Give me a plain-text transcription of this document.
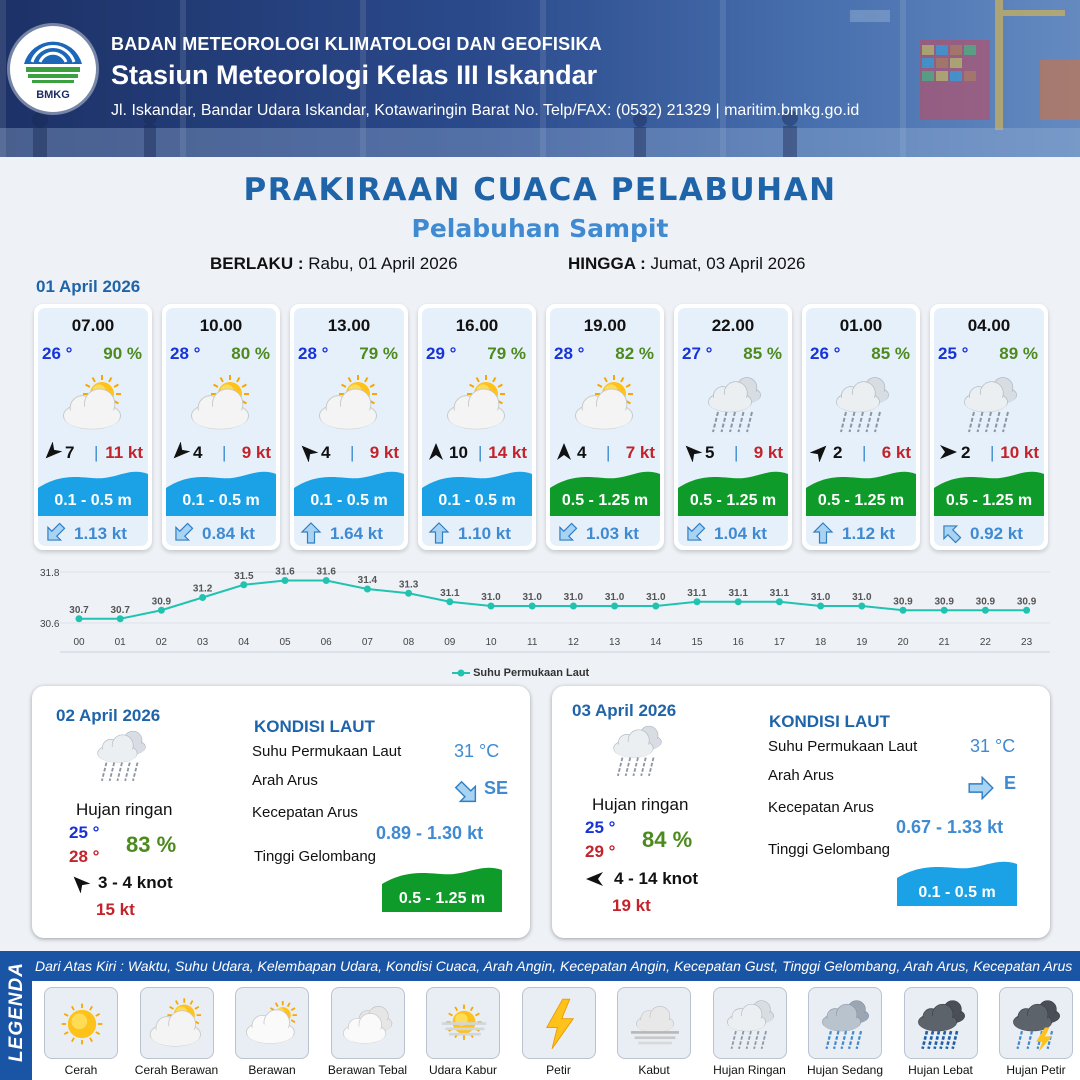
BMKG
BADAN METEOROLOGI KLIMATOLOGI DAN GEOFISIKA
Stasiun Meteorologi Kelas III Iskandar
Jl. Iskandar, Bandar Udara Iskandar, Kotawaringin Barat No. Telp/FAX: (0532) 21329 | maritim.bmkg.go.id
PRAKIRAAN CUACA PELABUHAN
Pelabuhan Sampit
BERLAKU : Rabu, 01 April 2026	HINGGA : Jumat, 03 April 2026
01 April 2026
07.00
26 ° 90 %
7 | 11 kt
0.1 - 0.5 m
1.13 kt
10.00
28 ° 80 %
4 | 9 kt
0.1 - 0.5 m
0.84 kt
13.00
28 ° 79 %
4 | 9 kt
0.1 - 0.5 m
1.64 kt
16.00
29 ° 79 %
10 | 14 kt
0.1 - 0.5 m
1.10 kt
19.00
28 ° 82 %
4 | 7 kt
0.5 - 1.25 m
1.03 kt
22.00
27 ° 85 %
5 | 9 kt
0.5 - 1.25 m
1.04 kt
01.00
26 ° 85 %
2 | 6 kt
0.5 - 1.25 m
1.12 kt
04.00
25 ° 89 %
2 | 10 kt
0.5 - 1.25 m
0.92 kt
31.8
30.6
30.7
00
30.7
01
30.9
02
31.2
03
31.5
04
31.6
05
31.6
06
31.4
07
31.3
08
31.1
09
31.0
10
31.0
11
31.0
12
31.0
13
31.0
14
31.1
15
31.1
16
31.1
17
31.0
18
31.0
19
30.9
20
30.9
21
30.9
22
30.9
23
Suhu Permukaan Laut
02 April 2026
Hujan ringan
25 °
28 ° 83 %
3 - 4 knot
15 kt
KONDISI LAUT
Suhu Permukaan Laut	31 °C
Arah Arus	SE
Kecepatan Arus
0.89 - 1.30 kt
Tinggi Gelombang
0.5 - 1.25 m
03 April 2026
Hujan ringan
25 °
29 ° 84 %
4 - 14 knot
19 kt
KONDISI LAUT
Suhu Permukaan Laut	31 °C
Arah Arus	E
Kecepatan Arus
0.67 - 1.33 kt
Tinggi Gelombang
0.1 - 0.5 m
LEGENDA Dari Atas Kiri : Waktu, Suhu Udara, Kelembapan Udara, Kondisi Cuaca, Arah Angin, Kecepatan Angin, Kecepatan Gust, Tinggi Gelombang, Arah Arus, Kecepatan Arus
Cerah	Cerah Berawan	Berawan	Berawan Tebal	Udara Kabur	Petir	Kabut	Hujan Ringan	Hujan Sedang	Hujan Lebat	Hujan Petir
